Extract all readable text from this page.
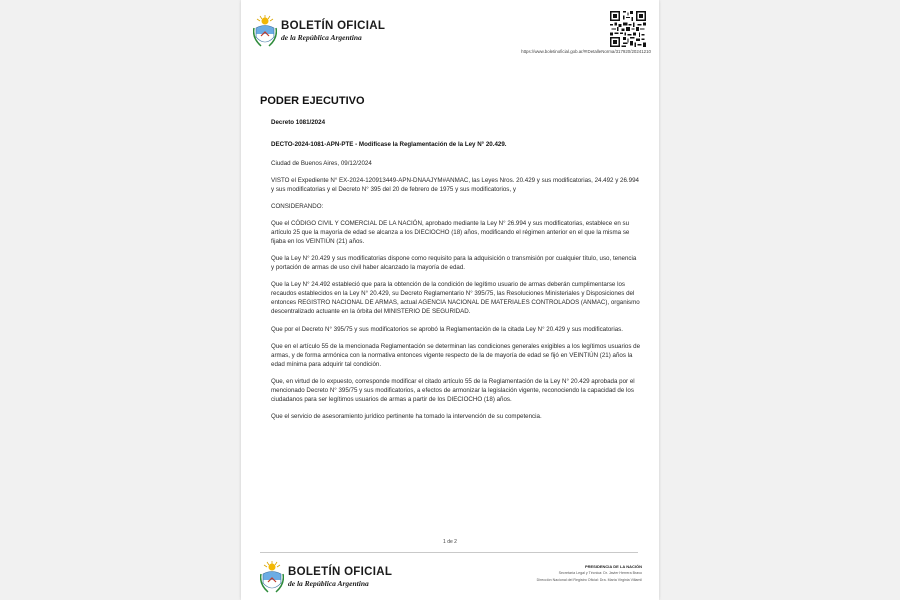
BOLETÍN OFICIAL
de la República Argentina
https://www.boletinoficial.gob.ar/#!DetalleNorma/317920/20241210
PODER EJECUTIVO

Decreto 1081/2024

DECTO-2024-1081-APN-PTE - Modifícase la Reglamentación de la Ley N° 20.429.

Ciudad de Buenos Aires, 09/12/2024

VISTO el Expediente N° EX-2024-120913449-APN-DNAAJYM#ANMAC, las Leyes Nros. 20.429 y sus modificatorias, 24.492 y 26.994 y sus modificatorias y el Decreto N° 395 del 20 de febrero de 1975 y sus modificatorios, y

CONSIDERANDO:

Que el CÓDIGO CIVIL Y COMERCIAL DE LA NACIÓN, aprobado mediante la Ley N° 26.994 y sus modificatorias, establece en su artículo 25 que la mayoría de edad se alcanza a los DIECIOCHO (18) años, modificando el régimen anterior en el que la misma se fijaba en los VEINTIÚN (21) años.

Que la Ley N° 20.429 y sus modificatorias dispone como requisito para la adquisición o transmisión por cualquier título, uso, tenencia y portación de armas de uso civil haber alcanzado la mayoría de edad.

Que la Ley N° 24.492 estableció que para la obtención de la condición de legítimo usuario de armas deberán cumplimentarse los recaudos establecidos en la Ley N° 20.429, su Decreto Reglamentario N° 395/75, las Resoluciones Ministeriales y Disposiciones del entonces REGISTRO NACIONAL DE ARMAS, actual AGENCIA NACIONAL DE MATERIALES CONTROLADOS (ANMAC), organismo descentralizado actuante en la órbita del MINISTERIO DE SEGURIDAD.

Que por el Decreto N° 395/75 y sus modificatorios se aprobó la Reglamentación de la citada Ley N° 20.429 y sus modificatorias.

Que en el artículo 55 de la mencionada Reglamentación se determinan las condiciones generales exigibles a los legítimos usuarios de armas, y de forma armónica con la normativa entonces vigente respecto de la de mayoría de edad se fijó en VEINTIÚN (21) años la edad mínima para adquirir tal condición.

Que, en virtud de lo expuesto, corresponde modificar el citado artículo 55 de la Reglamentación de la Ley N° 20.429 aprobada por el mencionado Decreto N° 395/75 y sus modificatorios, a efectos de armonizar la legislación vigente, reconociendo la capacidad de los ciudadanos para ser legítimos usuarios de armas a partir de los DIECIOCHO (18) años.

Que el servicio de asesoramiento jurídico pertinente ha tomado la intervención de su competencia.

1 de 2
BOLETÍN OFICIAL
de la República Argentina
PRESIDENCIA DE LA NACIÓN
Secretaría Legal y Técnica: Dr. Javier Herrera Bravo
Dirección Nacional del Registro Oficial: Dra. María Virginia Villamil
